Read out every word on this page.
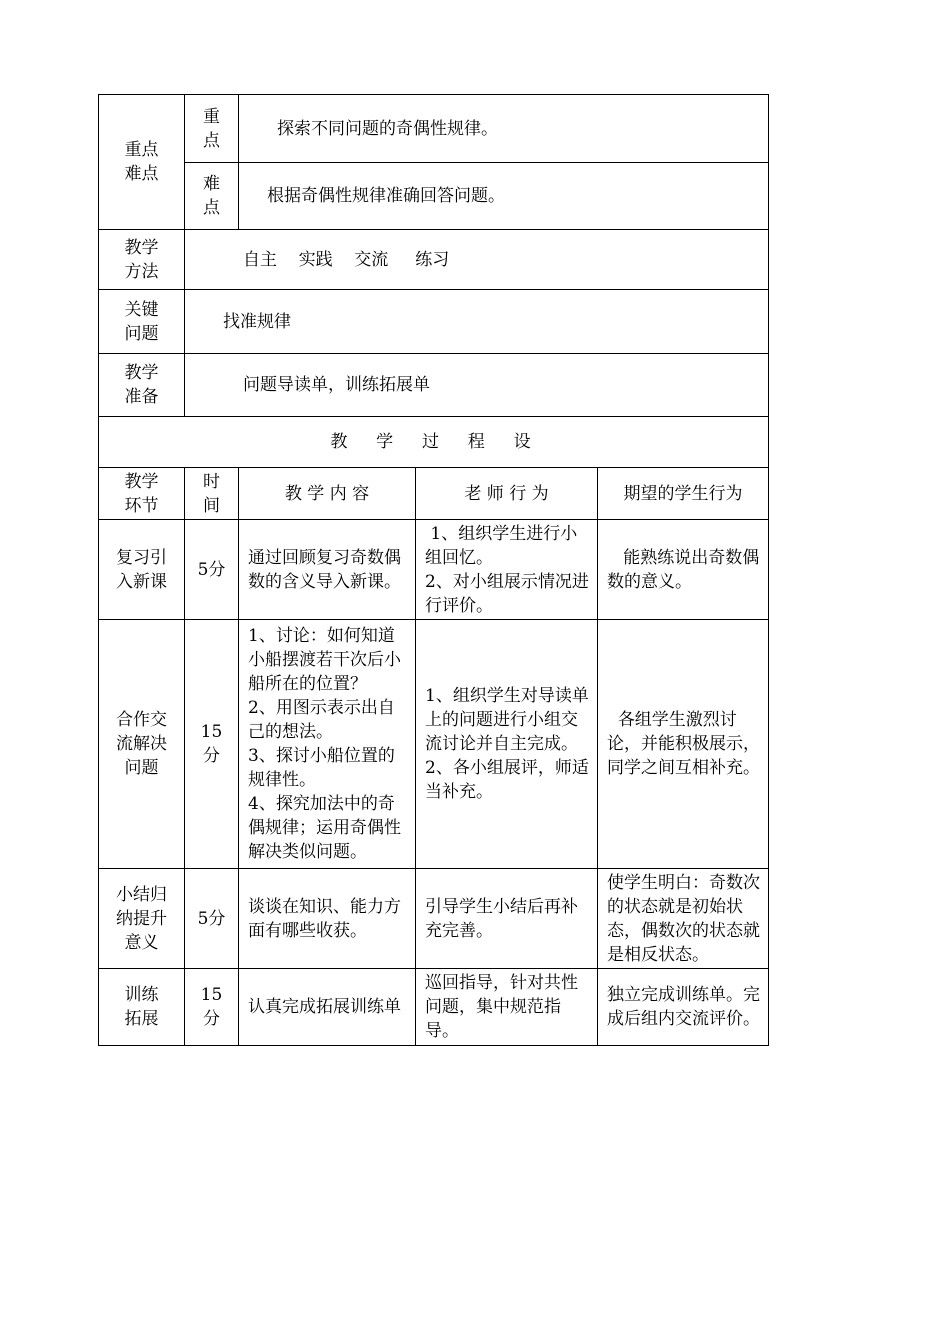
重点
难点
重
点
探索不同问题的奇偶性规律。
难
点
根据奇偶性规律准确回答问题。
教学
方法
自主    实践    交流     练习
关键
问题
找准规律
教学
准备
问题导读单，训练拓展单
教  学  过  程  设
教学
环节
时
间
教 学 内 容	老 师 行 为	期望的学生行为
复习引
入新课
5分
通过回顾复习奇数偶数的含义导入新课。
1、组织学生进行小组回忆。
2、对小组展示情况进行评价。
能熟练说出奇数偶数的意义。
合作交
流解决
问题
15
分
1、讨论：如何知道小船摆渡若干次后小船所在的位置？
2、用图示表示出自己的想法。
3、探讨小船位置的规律性。
4、探究加法中的奇偶规律；运用奇偶性解决类似问题。
1、组织学生对导读单上的问题进行小组交流讨论并自主完成。
2、各小组展评，师适当补充。
各组学生激烈讨论，并能积极展示，同学之间互相补充。
小结归
纳提升
意义
5分
谈谈在知识、能力方面有哪些收获。
引导学生小结后再补充完善。
使学生明白：奇数次的状态就是初始状态，偶数次的状态就是相反状态。
训练
拓展
15
分
认真完成拓展训练单
巡回指导，针对共性问题，集中规范指导。
独立完成训练单。完成后组内交流评价。
